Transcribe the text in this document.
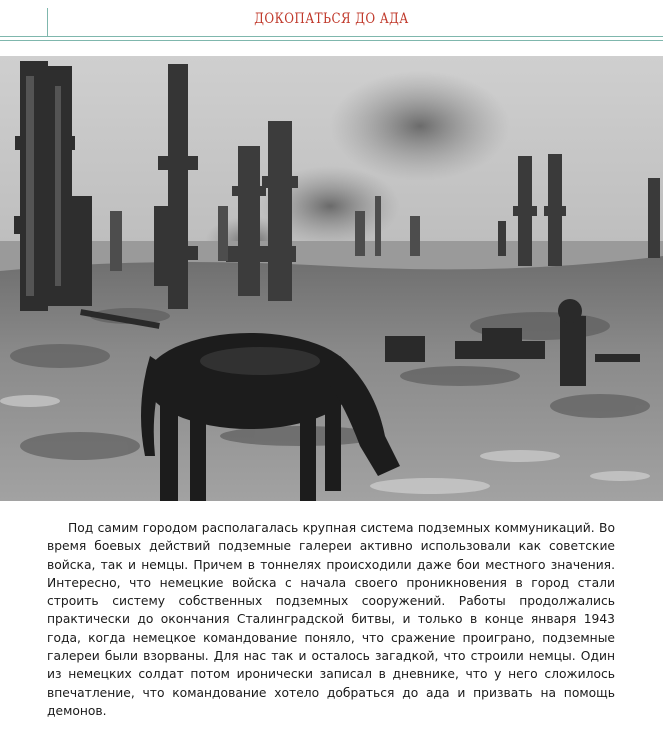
ДОКОПАТЬСЯ ДО АДА

Под самим городом располагалась крупная система подземных коммуникаций. Во время боевых действий подземные галереи активно использовали как советские войска, так и немцы. Причем в тоннелях происходили даже бои местного значения. Интересно, что немецкие войска с начала своего проникновения в город стали строить систему собственных подземных сооружений. Работы продолжались практически до окончания Сталинградской битвы, и только в конце января 1943 года, когда немецкое командование поняло, что сражение проиграно, подземные галереи были взорваны. Для нас так и осталось загадкой, что строили немцы. Один из немецких солдат потом иронически записал в дневнике, что у него сложилось впечатление, что командование хотело добраться до ада и призвать на помощь демонов.
